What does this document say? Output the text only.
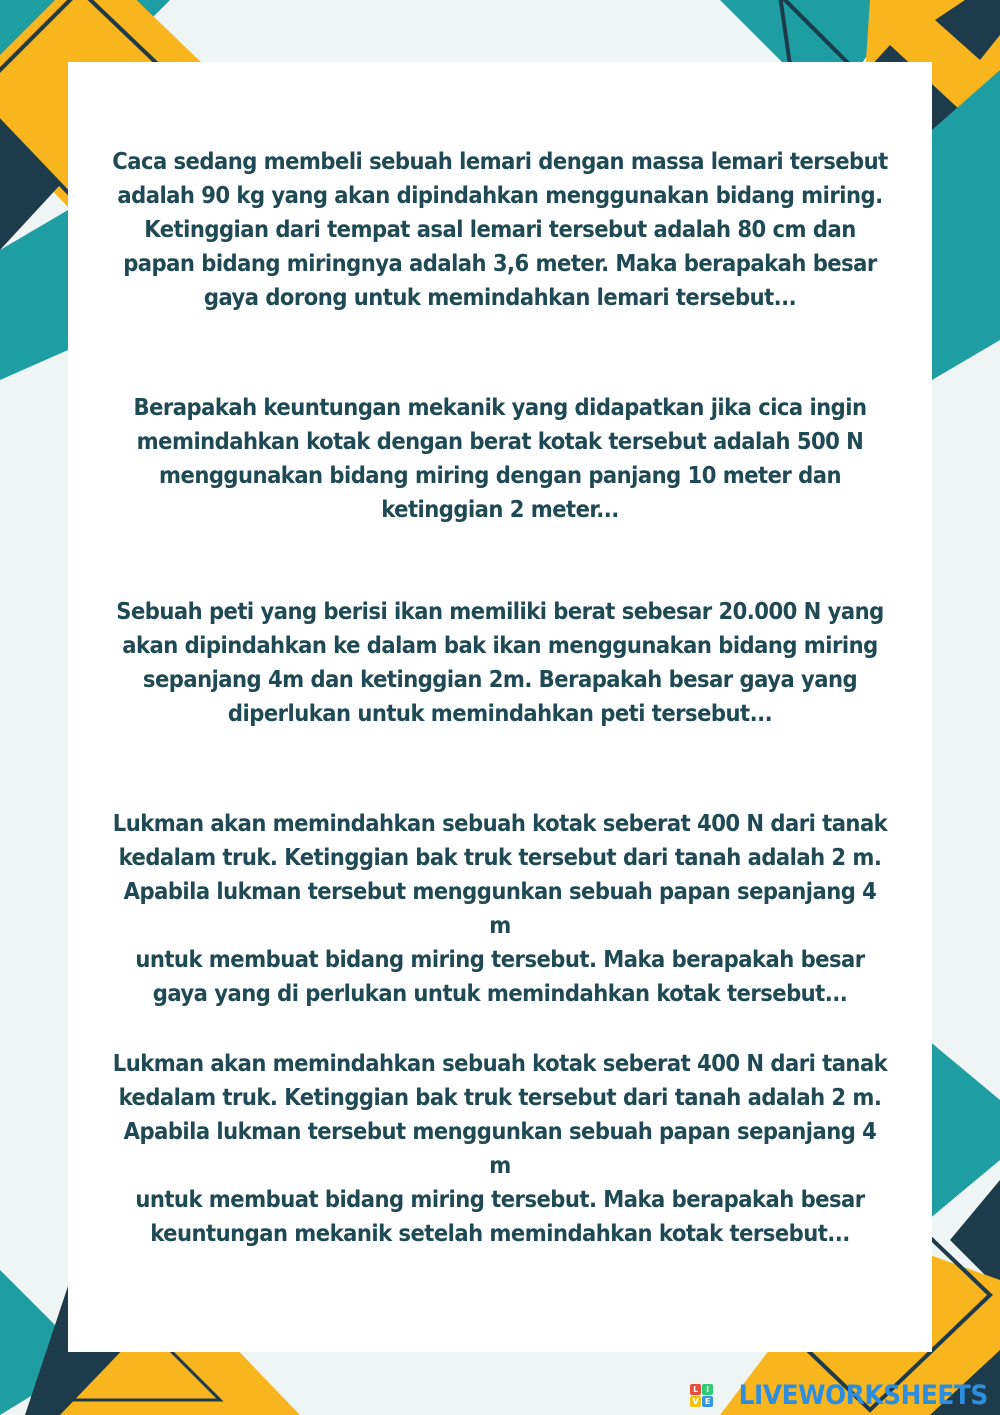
Caca sedang membeli sebuah lemari dengan massa lemari tersebut
adalah 90 kg yang akan dipindahkan menggunakan bidang miring.
Ketinggian dari tempat asal lemari tersebut adalah 80 cm dan
papan bidang miringnya adalah 3,6 meter. Maka berapakah besar
gaya dorong untuk memindahkan lemari tersebut...

Berapakah keuntungan mekanik yang didapatkan jika cica ingin
memindahkan kotak dengan berat kotak tersebut adalah 500 N
menggunakan bidang miring dengan panjang 10 meter dan
ketinggian 2 meter...

Sebuah peti yang berisi ikan memiliki berat sebesar 20.000 N yang
akan dipindahkan ke dalam bak ikan menggunakan bidang miring
sepanjang 4m dan ketinggian 2m. Berapakah besar gaya yang
diperlukan untuk memindahkan peti tersebut...

Lukman akan memindahkan sebuah kotak seberat 400 N dari tanak
kedalam truk. Ketinggian bak truk tersebut dari tanah adalah 2 m.
Apabila lukman tersebut menggunkan sebuah papan sepanjang 4 m
untuk membuat bidang miring tersebut. Maka berapakah besar
gaya yang di perlukan untuk memindahkan kotak tersebut...

Lukman akan memindahkan sebuah kotak seberat 400 N dari tanak
kedalam truk. Ketinggian bak truk tersebut dari tanah adalah 2 m.
Apabila lukman tersebut menggunkan sebuah papan sepanjang 4 m
untuk membuat bidang miring tersebut. Maka berapakah besar
keuntungan mekanik setelah memindahkan kotak tersebut...

L I
V E LIVEWORKSHEETS
